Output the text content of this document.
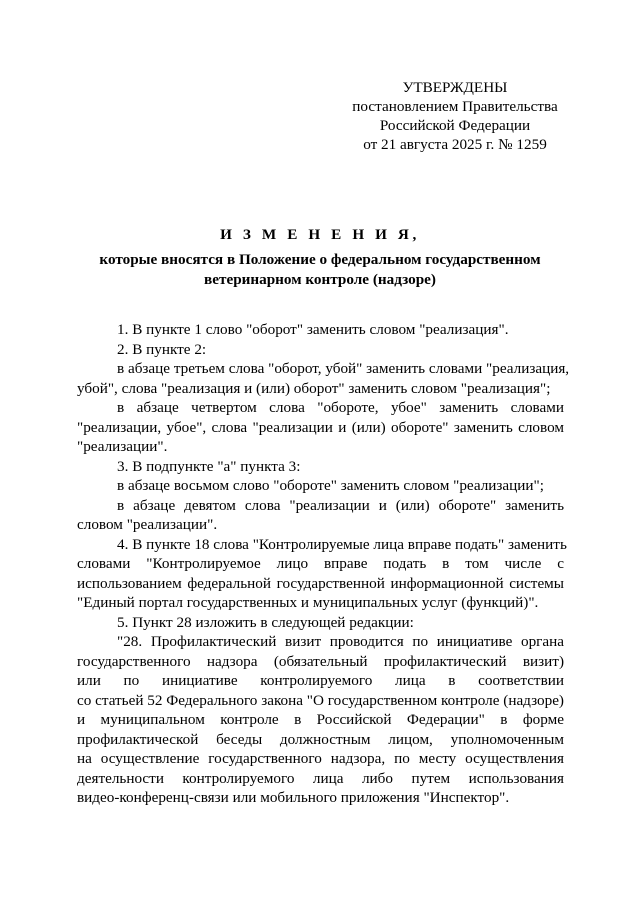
УТВЕРЖДЕНЫ
постановлением Правительства
Российской Федерации
от 21 августа 2025 г. № 1259
И З М Е Н Е Н И Я,
которые вносятся в Положение о федеральном государственном
ветеринарном контроле (надзоре)
1. В пункте 1 слово "оборот" заменить словом "реализация".
2. В пункте 2:
в абзаце третьем слова "оборот, убой" заменить словами "реализация,
убой", слова "реализация и (или) оборот" заменить словом "реализация";
в абзаце четвертом слова "обороте, убое" заменить словами
"реализации, убое", слова "реализации и (или) обороте" заменить словом
"реализации".
3. В подпункте "а" пункта 3:
в абзаце восьмом слово "обороте" заменить словом "реализации";
в абзаце девятом слова "реализации и (или) обороте" заменить
словом "реализации".
4. В пункте 18 слова "Контролируемые лица вправе подать" заменить
словами "Контролируемое лицо вправе подать в том числе с
использованием федеральной государственной информационной системы
"Единый портал государственных и муниципальных услуг (функций)".
5. Пункт 28 изложить в следующей редакции:
"28. Профилактический визит проводится по инициативе органа
государственного надзора (обязательный профилактический визит)
или по инициативе контролируемого лица в соответствии
со статьей 52 Федерального закона "О государственном контроле (надзоре)
и муниципальном контроле в Российской Федерации" в форме
профилактической беседы должностным лицом, уполномоченным
на осуществление государственного надзора, по месту осуществления
деятельности контролируемого лица либо путем использования
видео-конференц-связи или мобильного приложения "Инспектор".
